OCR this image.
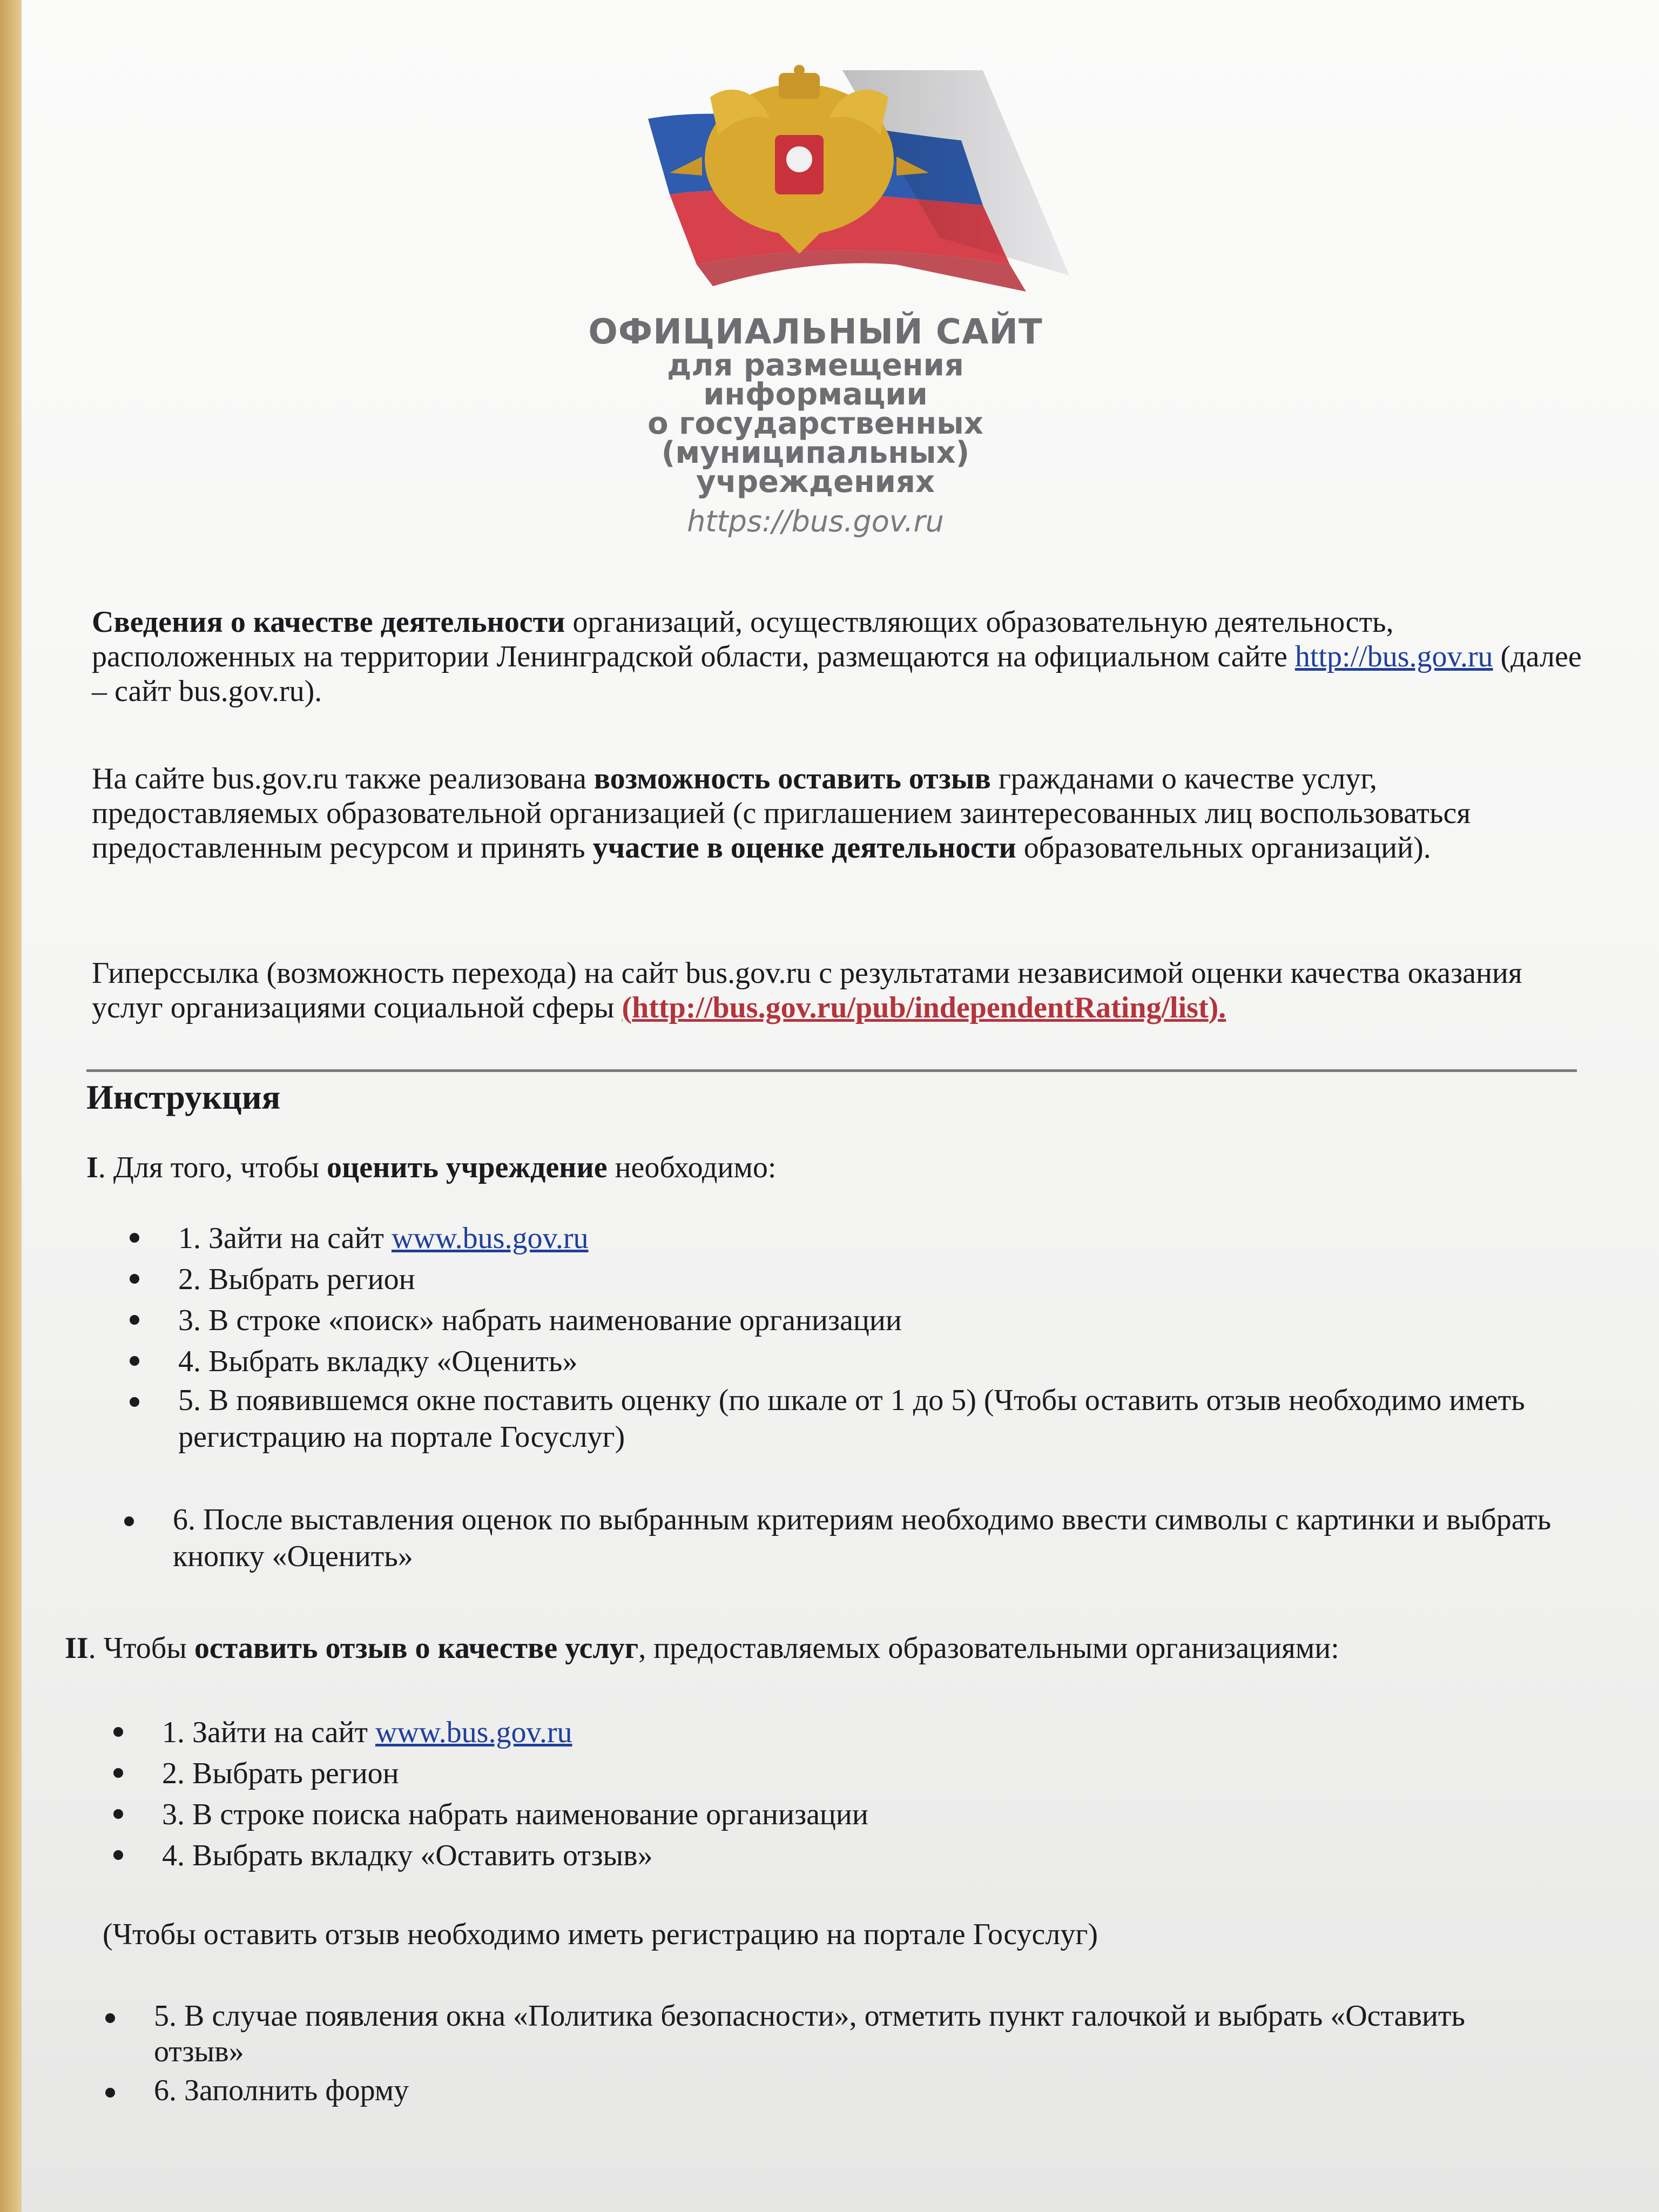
ОФИЦИАЛЬНЫЙ САЙТ
для размещения
информации
о государственных
(муниципальных)
учреждениях
https://bus.gov.ru

Сведения о качестве деятельности организаций, осуществляющих образовательную деятельность, расположенных на территории Ленинградской области, размещаются на официальном сайте http://bus.gov.ru (далее – сайт bus.gov.ru).

На сайте bus.gov.ru также реализована возможность оставить отзыв гражданами о качестве услуг, предоставляемых образовательной организацией (с приглашением заинтересованных лиц воспользоваться предоставленным ресурсом и принять участие в оценке деятельности образовательных организаций).

Гиперссылка (возможность перехода) на сайт bus.gov.ru с результатами независимой оценки качества оказания услуг организациями социальной сферы (http://bus.gov.ru/pub/independentRating/list).

Инструкция
I. Для того, чтобы оценить учреждение необходимо:
1. Зайти на сайт www.bus.gov.ru
2. Выбрать регион
3. В строке «поиск» набрать наименование организации
4. Выбрать вкладку «Оценить»
5. В появившемся окне поставить оценку (по шкале от 1 до 5) (Чтобы оставить отзыв необходимо иметь регистрацию на портале Госуслуг)
6. После выставления оценок по выбранным критериям необходимо ввести символы с картинки и выбрать кнопку «Оценить»
II. Чтобы оставить отзыв о качестве услуг, предоставляемых образовательными организациями:
1. Зайти на сайт www.bus.gov.ru
2. Выбрать регион
3. В строке поиска набрать наименование организации
4. Выбрать вкладку «Оставить отзыв»
(Чтобы оставить отзыв необходимо иметь регистрацию на портале Госуслуг)
5. В случае появления окна «Политика безопасности», отметить пункт галочкой и выбрать «Оставить отзыв»
6. Заполнить форму
